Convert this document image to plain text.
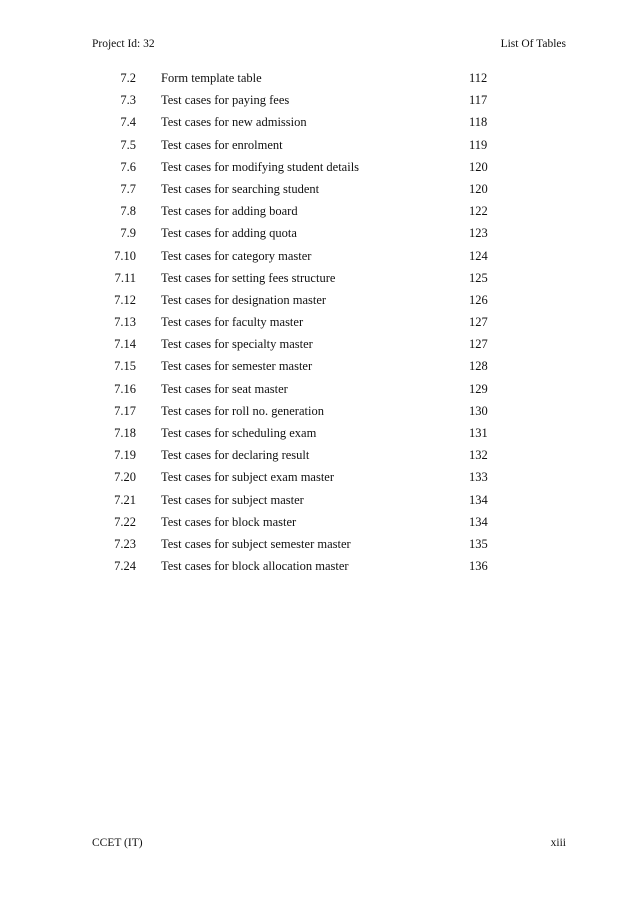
Project Id: 32	List Of Tables
7.2 Form template table	112
7.3 Test cases for paying fees	117
7.4 Test cases for new admission	118
7.5 Test cases for enrolment	119
7.6 Test cases for modifying student details	120
7.7 Test cases for searching student	120
7.8 Test cases for adding board	122
7.9 Test cases for adding quota	123
7.10 Test cases for category master	124
7.11 Test cases for setting fees structure	125
7.12 Test cases for designation master	126
7.13 Test cases for faculty master	127
7.14 Test cases for specialty master	127
7.15 Test cases for semester master	128
7.16 Test cases for seat master	129
7.17 Test cases for roll no. generation	130
7.18 Test cases for scheduling exam	131
7.19 Test cases for declaring result	132
7.20 Test cases for subject exam master	133
7.21 Test cases for subject master	134
7.22 Test cases for block master	134
7.23 Test cases for subject semester master	135
7.24 Test cases for block allocation master	136
CCET (IT)	xiii
